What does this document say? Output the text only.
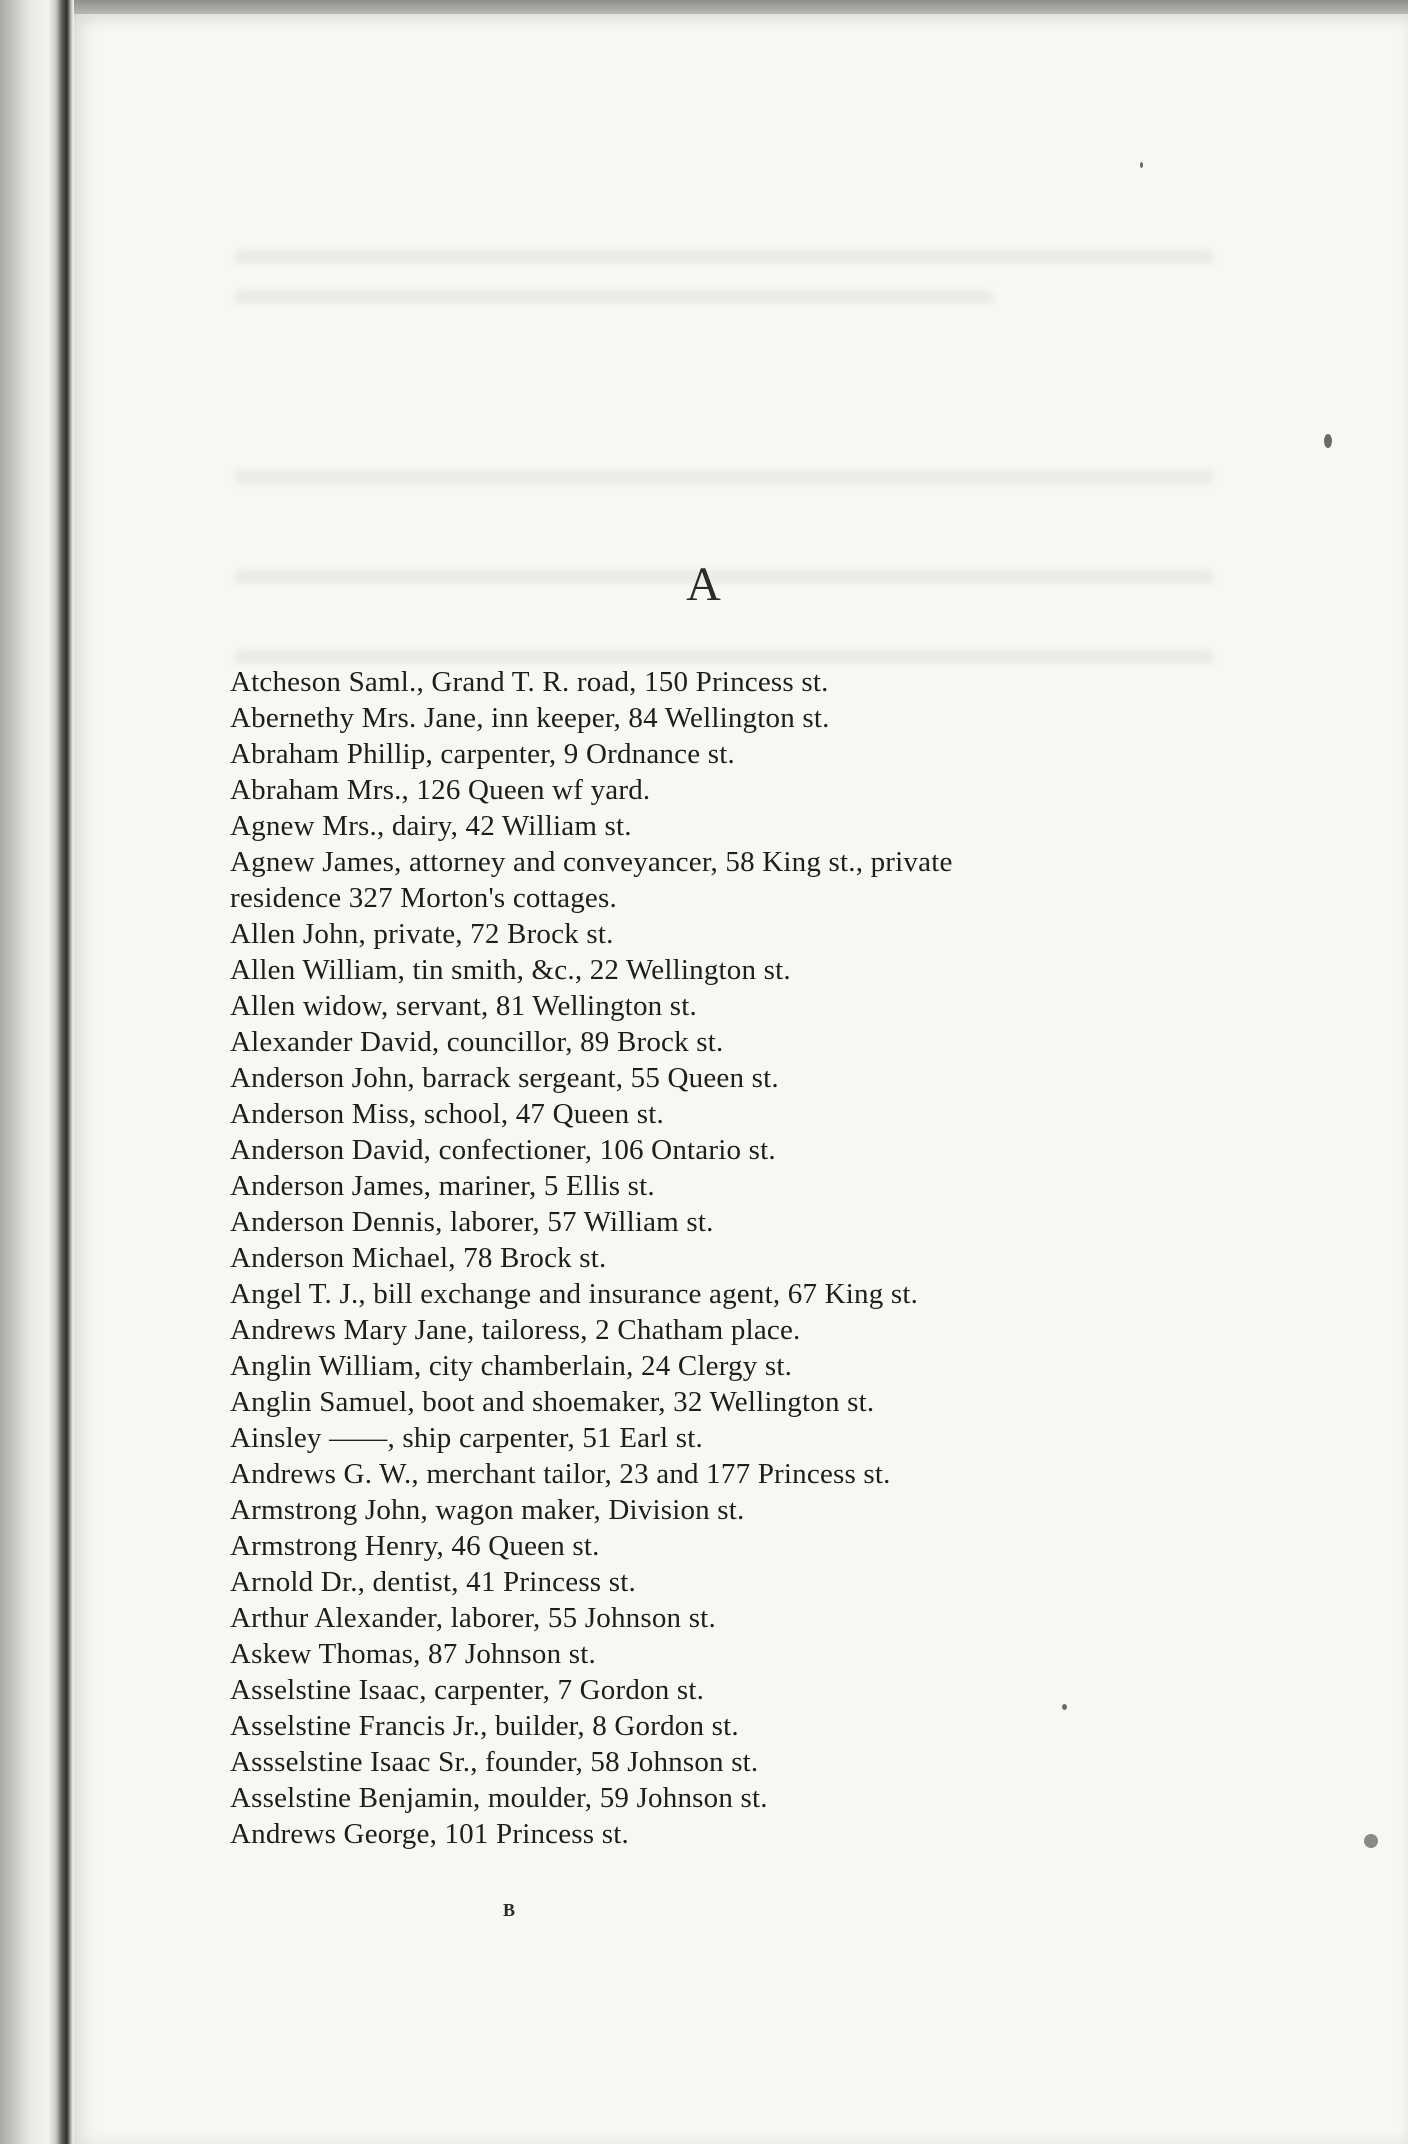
A
Atcheson Saml., Grand T. R. road, 150 Princess st.
Abernethy Mrs. Jane, inn keeper, 84 Wellington st.
Abraham Phillip, carpenter, 9 Ordnance st.
Abraham Mrs., 126 Queen wf yard.
Agnew Mrs., dairy, 42 William st.
Agnew James, attorney and conveyancer, 58 King st., private
residence 327 Morton's cottages.
Allen John, private, 72 Brock st.
Allen William, tin smith, &c., 22 Wellington st.
Allen widow, servant, 81 Wellington st.
Alexander David, councillor, 89 Brock st.
Anderson John, barrack sergeant, 55 Queen st.
Anderson Miss, school, 47 Queen st.
Anderson David, confectioner, 106 Ontario st.
Anderson James, mariner, 5 Ellis st.
Anderson Dennis, laborer, 57 William st.
Anderson Michael, 78 Brock st.
Angel T. J., bill exchange and insurance agent, 67 King st.
Andrews Mary Jane, tailoress, 2 Chatham place.
Anglin William, city chamberlain, 24 Clergy st.
Anglin Samuel, boot and shoemaker, 32 Wellington st.
Ainsley ——, ship carpenter, 51 Earl st.
Andrews G. W., merchant tailor, 23 and 177 Princess st.
Armstrong John, wagon maker, Division st.
Armstrong Henry, 46 Queen st.
Arnold Dr., dentist, 41 Princess st.
Arthur Alexander, laborer, 55 Johnson st.
Askew Thomas, 87 Johnson st.
Asselstine Isaac, carpenter, 7 Gordon st.
Asselstine Francis Jr., builder, 8 Gordon st.
Assselstine Isaac Sr., founder, 58 Johnson st.
Asselstine Benjamin, moulder, 59 Johnson st.
Andrews George, 101 Princess st.
B
